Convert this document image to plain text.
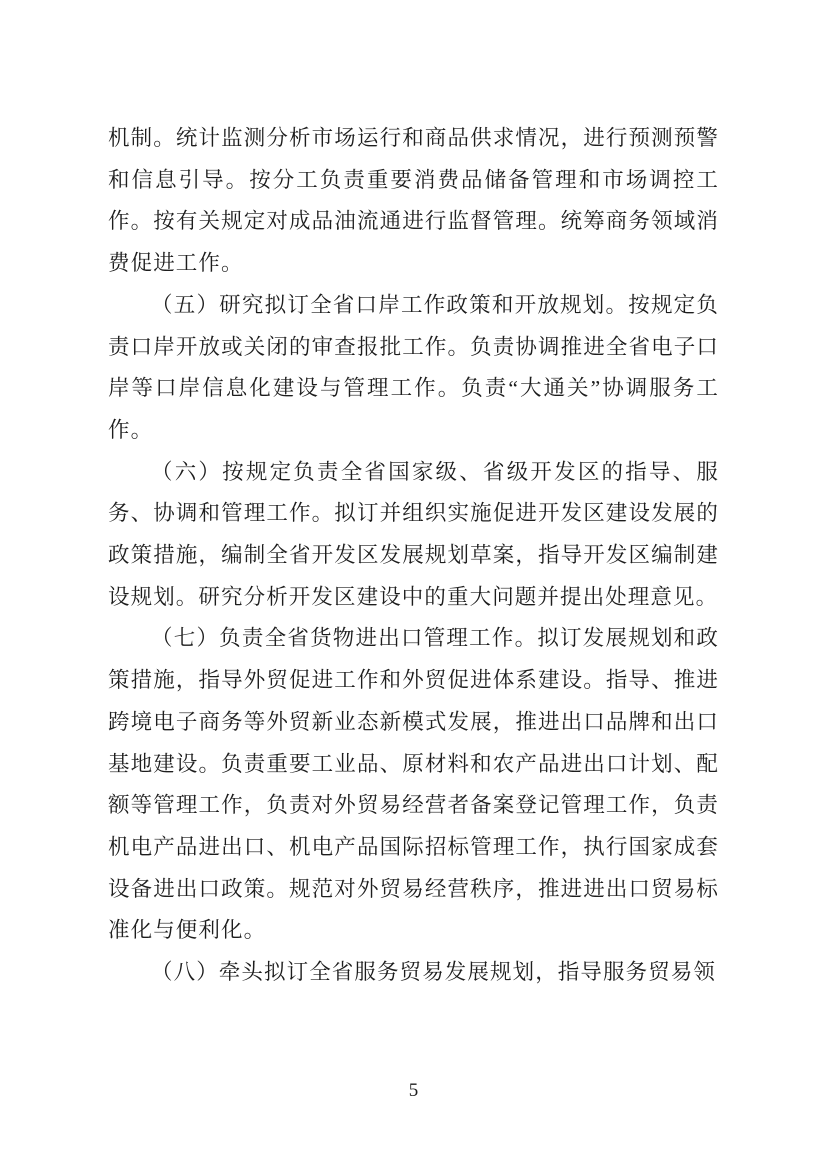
机制。统计监测分析市场运行和商品供求情况，进行预测预警和信息引导。按分工负责重要消费品储备管理和市场调控工作。按有关规定对成品油流通进行监督管理。统筹商务领域消费促进工作。

（五）研究拟订全省口岸工作政策和开放规划。按规定负责口岸开放或关闭的审查报批工作。负责协调推进全省电子口岸等口岸信息化建设与管理工作。负责“大通关”协调服务工作。

（六）按规定负责全省国家级、省级开发区的指导、服务、协调和管理工作。拟订并组织实施促进开发区建设发展的政策措施，编制全省开发区发展规划草案，指导开发区编制建设规划。研究分析开发区建设中的重大问题并提出处理意见。

（七）负责全省货物进出口管理工作。拟订发展规划和政策措施，指导外贸促进工作和外贸促进体系建设。指导、推进跨境电子商务等外贸新业态新模式发展，推进出口品牌和出口基地建设。负责重要工业品、原材料和农产品进出口计划、配额等管理工作，负责对外贸易经营者备案登记管理工作，负责机电产品进出口、机电产品国际招标管理工作，执行国家成套设备进出口政策。规范对外贸易经营秩序，推进进出口贸易标准化与便利化。

（八）牵头拟订全省服务贸易发展规划，指导服务贸易领

5
